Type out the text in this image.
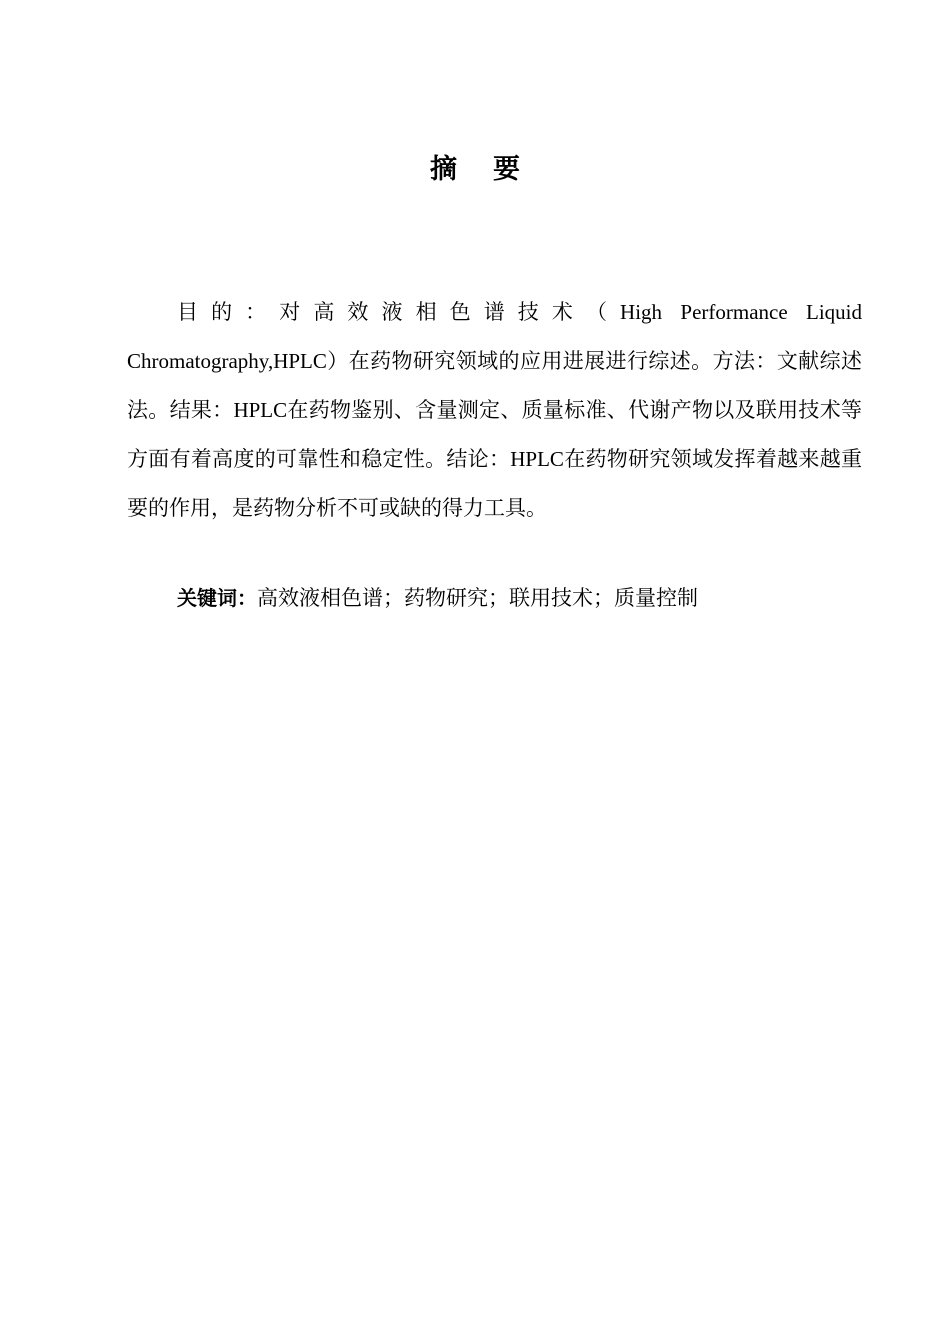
摘要

目的：对高效液相色谱技术（High Performance Liquid Chromatography,HPLC）在药物研究领域的应用进展进行综述。方法：文献综述法。结果：HPLC在药物鉴别、含量测定、质量标准、代谢产物以及联用技术等方面有着高度的可靠性和稳定性。结论：HPLC在药物研究领域发挥着越来越重要的作用，是药物分析不可或缺的得力工具。

关键词：高效液相色谱；药物研究；联用技术；质量控制
